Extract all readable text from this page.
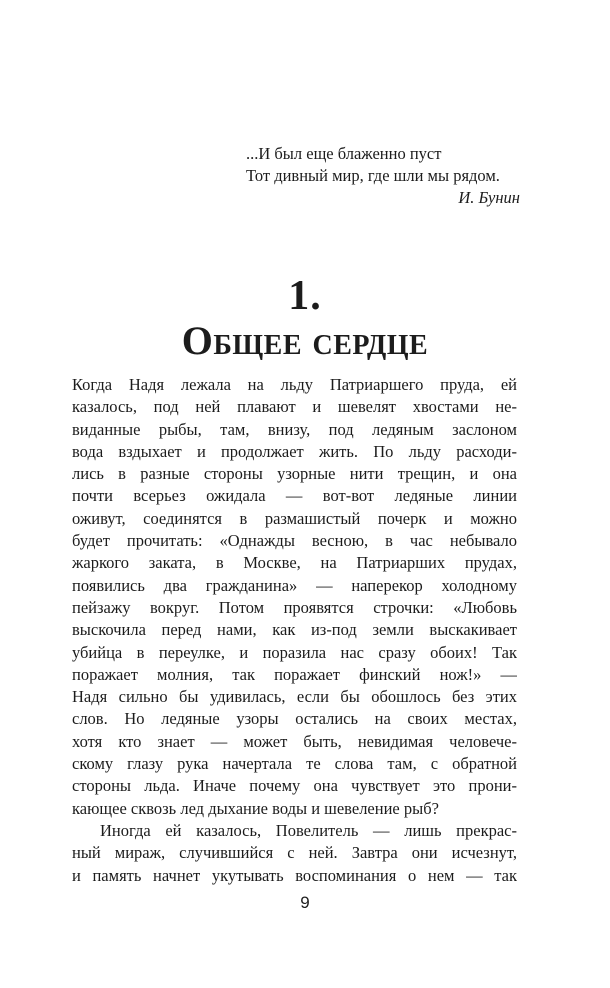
...И был еще блаженно пуст
Тот дивный мир, где шли мы рядом.
И. Бунин
1.
Общее сердце

Когда Надя лежала на льду Патриаршего пруда, ей
казалось, под ней плавают и шевелят хвостами не-
виданные рыбы, там, внизу, под ледяным заслоном
вода вздыхает и продолжает жить. По льду расходи-
лись в разные стороны узорные нити трещин, и она
почти всерьез ожидала — вот-вот ледяные линии
оживут, соединятся в размашистый почерк и можно
будет прочитать: «Однажды весною, в час небывало
жаркого заката, в Москве, на Патриарших прудах,
появились два гражданина» — наперекор холодному
пейзажу вокруг. Потом проявятся строчки: «Любовь
выскочила перед нами, как из-под земли выскакивает
убийца в переулке, и поразила нас сразу обоих! Так
поражает молния, так поражает финский нож!» —
Надя сильно бы удивилась, если бы обошлось без этих
слов. Но ледяные узоры остались на своих местах,
хотя кто знает — может быть, невидимая человече-
скому глазу рука начертала те слова там, с обратной
стороны льда. Иначе почему она чувствует это прони-
кающее сквозь лед дыхание воды и шевеление рыб?

Иногда ей казалось, Повелитель — лишь прекрас-
ный мираж, случившийся с ней. Завтра они исчезнут,
и память начнет укутывать воспоминания о нем — так

9
